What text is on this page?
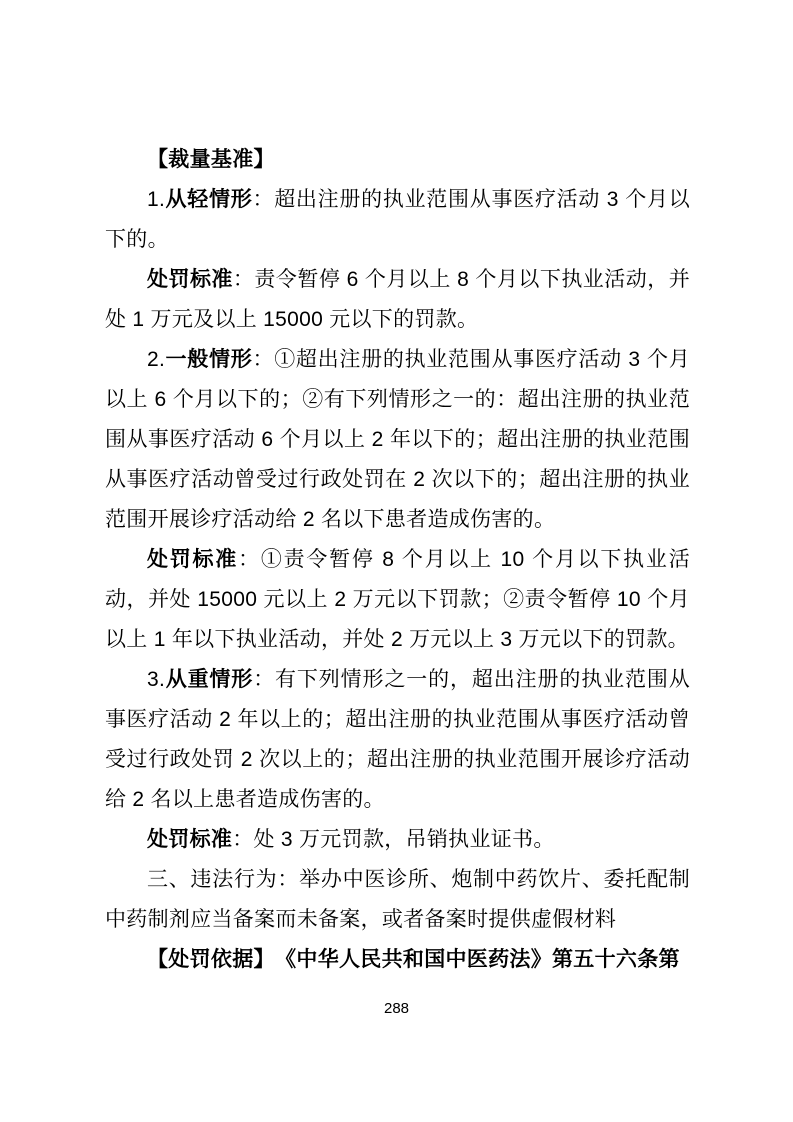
【裁量基准】

1.从轻情形：超出注册的执业范围从事医疗活动 3 个月以下的。

处罚标准：责令暂停 6 个月以上 8 个月以下执业活动，并处 1 万元及以上 15000 元以下的罚款。

2.一般情形：①超出注册的执业范围从事医疗活动 3 个月以上 6 个月以下的；②有下列情形之一的：超出注册的执业范围从事医疗活动 6 个月以上 2 年以下的；超出注册的执业范围从事医疗活动曾受过行政处罚在 2 次以下的；超出注册的执业范围开展诊疗活动给 2 名以下患者造成伤害的。

处罚标准：①责令暂停 8 个月以上 10 个月以下执业活动，并处 15000 元以上 2 万元以下罚款；②责令暂停 10 个月以上 1 年以下执业活动，并处 2 万元以上 3 万元以下的罚款。

3.从重情形：有下列情形之一的，超出注册的执业范围从事医疗活动 2 年以上的；超出注册的执业范围从事医疗活动曾受过行政处罚 2 次以上的；超出注册的执业范围开展诊疗活动给 2 名以上患者造成伤害的。

处罚标准：处 3 万元罚款，吊销执业证书。

三、违法行为：举办中医诊所、炮制中药饮片、委托配制中药制剂应当备案而未备案，或者备案时提供虚假材料

【处罚依据】　《中华人民共和国中医药法》第五十六条第

288
